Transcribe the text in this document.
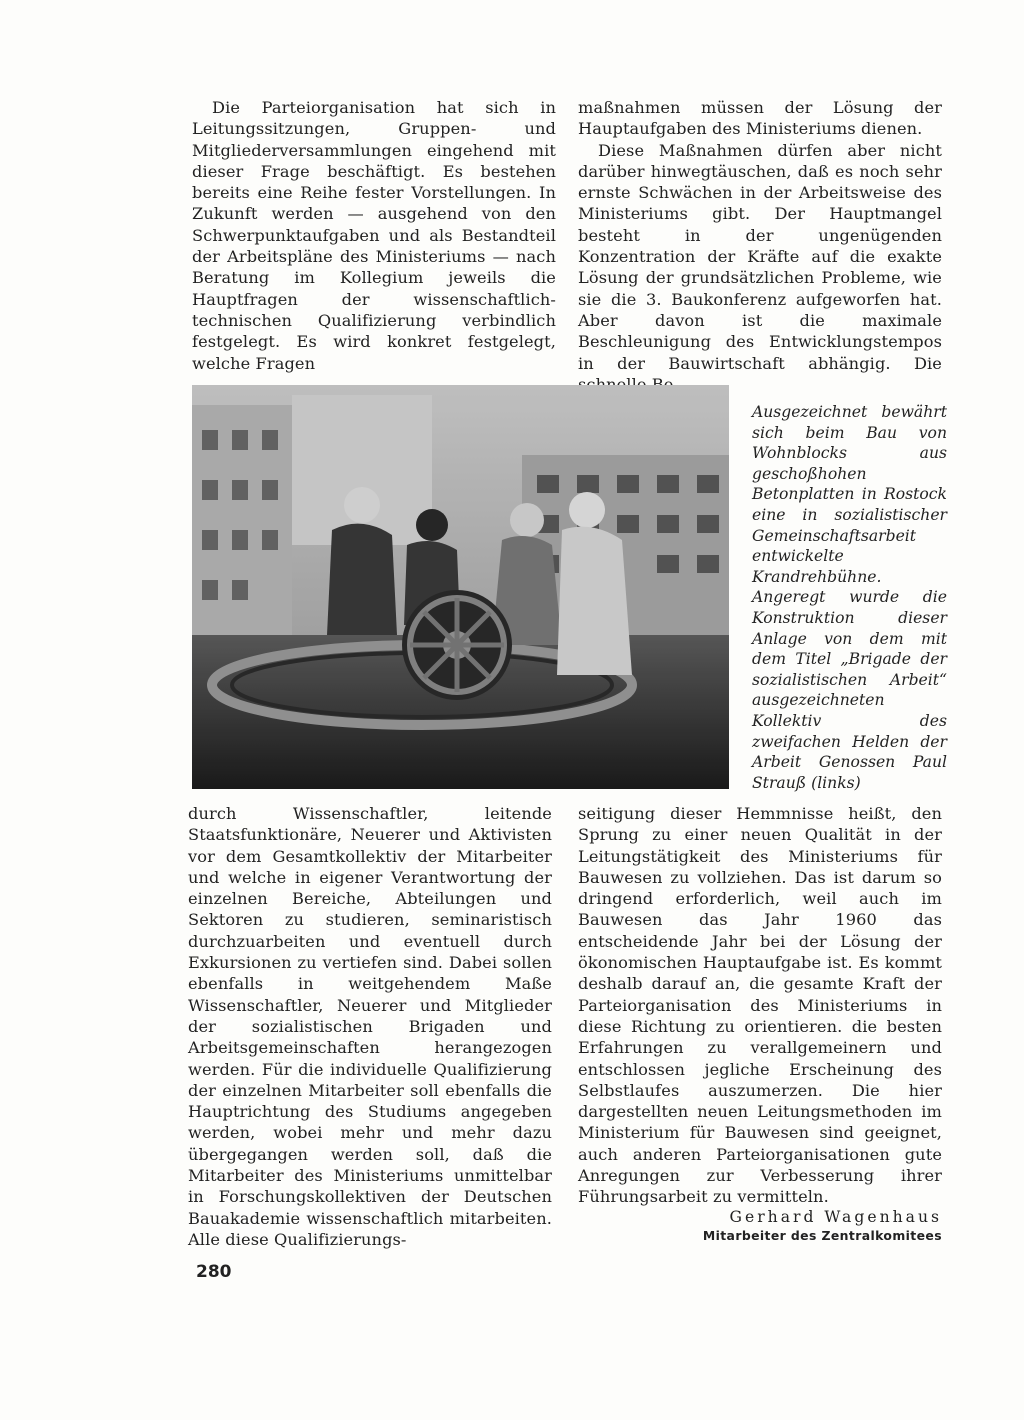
Die Parteiorganisation hat sich in Leitungssitzungen, Gruppen- und Mitgliederversammlungen eingehend mit dieser Frage beschäftigt. Es bestehen bereits eine Reihe fester Vorstellungen. In Zukunft werden — ausgehend von den Schwerpunktaufgaben und als Bestandteil der Arbeitspläne des Ministeriums — nach Beratung im Kollegium jeweils die Hauptfragen der wissenschaftlich-technischen Qualifizierung verbindlich festgelegt. Es wird konkret festgelegt, welche Fragen

maßnahmen müssen der Lösung der Hauptaufgaben des Ministeriums dienen.

Diese Maßnahmen dürfen aber nicht darüber hinwegtäuschen, daß es noch sehr ernste Schwächen in der Arbeitsweise des Ministeriums gibt. Der Hauptmangel besteht in der ungenügenden Konzentration der Kräfte auf die exakte Lösung der grundsätzlichen Probleme, wie sie die 3. Baukonferenz aufgeworfen hat. Aber davon ist die maximale Beschleunigung des Entwicklungstempos in der Bauwirtschaft abhängig. Die

Ausgezeichnet bewährt sich beim Bau von Wohnblocks aus geschoßhohen Betonplatten in Rostock eine in sozialistischer Gemeinschaftsarbeit entwickelte Krandrehbühne. Angeregt wurde die Konstruktion dieser Anlage von dem mit dem Titel „Brigade der sozialistischen Arbeit“ ausgezeichneten Kollektiv des zweifachen Helden der Arbeit Genossen Paul Strauß (links)

durch Wissenschaftler, leitende Staatsfunktionäre, Neuerer und Aktivisten vor dem Gesamtkollektiv der Mitarbeiter und welche in eigener Verantwortung der einzelnen Bereiche, Abteilungen und Sektoren zu studieren, seminaristisch durchzuarbeiten und eventuell durch Exkursionen zu vertiefen sind. Dabei sollen ebenfalls in weitgehendem Maße Wissenschaftler, Neuerer und Mitglieder der sozialistischen Brigaden und Arbeitsgemeinschaften herangezogen werden. Für die individuelle Qualifizierung der einzelnen Mitarbeiter soll ebenfalls die Hauptrichtung des Studiums angegeben werden, wobei mehr und mehr dazu übergegangen werden soll, daß die Mitarbeiter des Ministeriums unmittelbar in Forschungskollektiven der Deutschen Bauakademie wissenschaftlich mitarbeiten. Alle diese Qualifizierungs-

seitigung dieser Hemmnisse heißt, den Sprung zu einer neuen Qualität in der Leitungstätigkeit des Ministeriums für Bauwesen zu vollziehen. Das ist darum so dringend erforderlich, weil auch im Bauwesen das Jahr 1960 das entscheidende Jahr bei der Lösung der ökonomischen Hauptaufgabe ist. Es kommt deshalb darauf an, die gesamte Kraft der Parteiorganisation des Ministeriums in diese Richtung zu orientieren. die besten Erfahrungen zu verallgemeinern und entschlossen jegliche Erscheinung des Selbstlaufes auszumerzen. Die hier dargestellten neuen Leitungsmethoden im Ministerium für Bauwesen sind geeignet, auch anderen Parteiorganisationen gute Anregungen zur Verbesserung ihrer Führungsarbeit zu vermitteln.

Gerhard Wagenhaus
Mitarbeiter des Zentralkomitees
280
